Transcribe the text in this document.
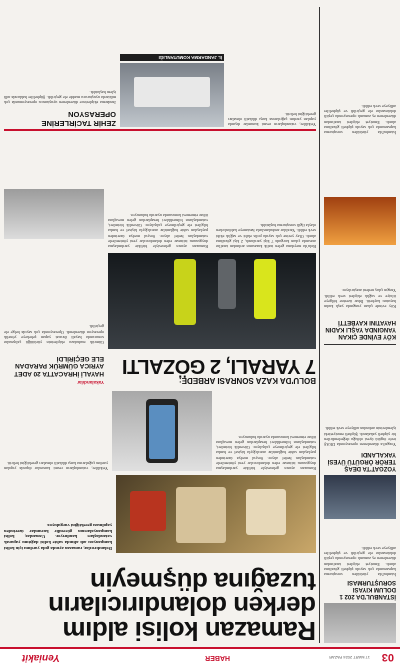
03
17 MART 2024 PAZAR
HABER
Yeniakit
İSTANBUL'DA 202 1 DOLUM KIYASI SORUŞTURMASI
İstanbul'da yürütülen soruşturma kapsamında çok sayıda şüpheli gözaltına alındı. Emniyet ekipleri tarafından düzenlenen eş zamanlı operasyonda çeşitli dokümanlar ele geçirildi ve şüpheliler adliyeye sevk edildi.
Ramazan kolisi aldım
derken dolandırıcıların
tuzağına düşmeyin
Dolandırıcılar, ramazan ayında gıda yardımı için kolisi kampanyası adı altında sahte kolisi dağıtımı yaparak vatandaşları kandırıyor. Uzmanlar, kolisi kampanyalarının güvenilir kurumlar üzerinden yapılması gerektiğini vurguluyor.
Ramazan ayının gelmesiyle birlikte yardımlaşma duygusunu istismar eden dolandırıcılar yeni yöntemlerle vatandaşları hedef alıyor. Sosyal medya üzerinden paylaşılan sahte bağlantılar aracılığıyla kişisel ve banka bilgileri ele geçirilmeye çalışılıyor. Güvenlik birimleri, vatandaşların bilmedikleri hesaplardan gelen mesajlara itibar etmemesi konusunda uyarıda bulunuyor.
Yetkililer, vatandaşların resmi kurumlar dışında yapılan yardım çağrılarına karşı dikkatli olmaları gerektiğini belirtti.
YOZGAT'TA DEAŞ TERÖR ÖRGÜTÜ ÜYESİ YAKALANDI
Yozgat'ta düzenlenen operasyonda DEAŞ terör örgütü üyesi olduğu değerlendirilen bir şüpheli yakalandı. Şüpheli emniyetteki işlemlerinin ardından adliyeye sevk edildi.
KÖY EVİNDE ÇIKAN YANGINDA YAŞLI KADIN HAYATINI KAYBETTİ
Köy evinde çıkan yangında yaşlı kadın hayatını kaybetti. İhbar üzerine bölgeye itfaiye ve sağlık ekipleri sevk edildi. Yangın çıkış nedeni araştırılıyor.
Yakalandılar
HAYALİ İHRACATTA 20 ADET AYRICA GÜMRÜK PARADAN ELE GEÇİRİLDİ
Gümrük muhafaza ekiplerinin yürüttüğü çalışmalar sonucunda hayali ihracat yapan şebekeye yönelik operasyon düzenlendi. Operasyonda çok sayıda belge ele geçirildi.
BOLU'DA KAZA SONRASI ARBEDE:
7 YARALI, 2 GÖZALTI
Bolu'da meydana gelen trafik kazasının ardından taraflar arasında çıkan kavgada 7 kişi yaralandı, 2 kişi gözaltına alındı. Olay yerine çok sayıda polis ekibi ve sağlık ekibi sevk edildi. Yaralılar ambulanslarla hastaneye kaldırılırken olayla ilgili soruşturma başlatıldı.
Ramazan ayının gelmesiyle birlikte yardımlaşma duygusunu istismar eden dolandırıcılar yeni yöntemlerle vatandaşları hedef alıyor. Sosyal medya üzerinden paylaşılan sahte bağlantılar aracılığıyla kişisel ve banka bilgileri ele geçirilmeye çalışılıyor. Güvenlik birimleri, vatandaşların bilmedikleri hesaplardan gelen mesajlara itibar etmemesi konusunda uyarıda bulunuyor.
ZEHİR TACİRLERİNE OPERASYON
İL JANDARMA KOMUTANLIĞI
Jandarma ekiplerince düzenlenen uyuşturucu operasyonunda çok miktarda uyuşturucu madde ele geçirildi. Şüpheliler hakkında adli işlem başlatıldı.
Yetkililer, vatandaşların resmi kurumlar dışında yapılan yardım çağrılarına karşı dikkatli olmaları gerektiğini belirtti.
İstanbul'da yürütülen soruşturma kapsamında çok sayıda şüpheli gözaltına alındı. Emniyet ekipleri tarafından düzenlenen eş zamanlı operasyonda çeşitli dokümanlar ele geçirildi ve şüpheliler adliyeye sevk edildi.
